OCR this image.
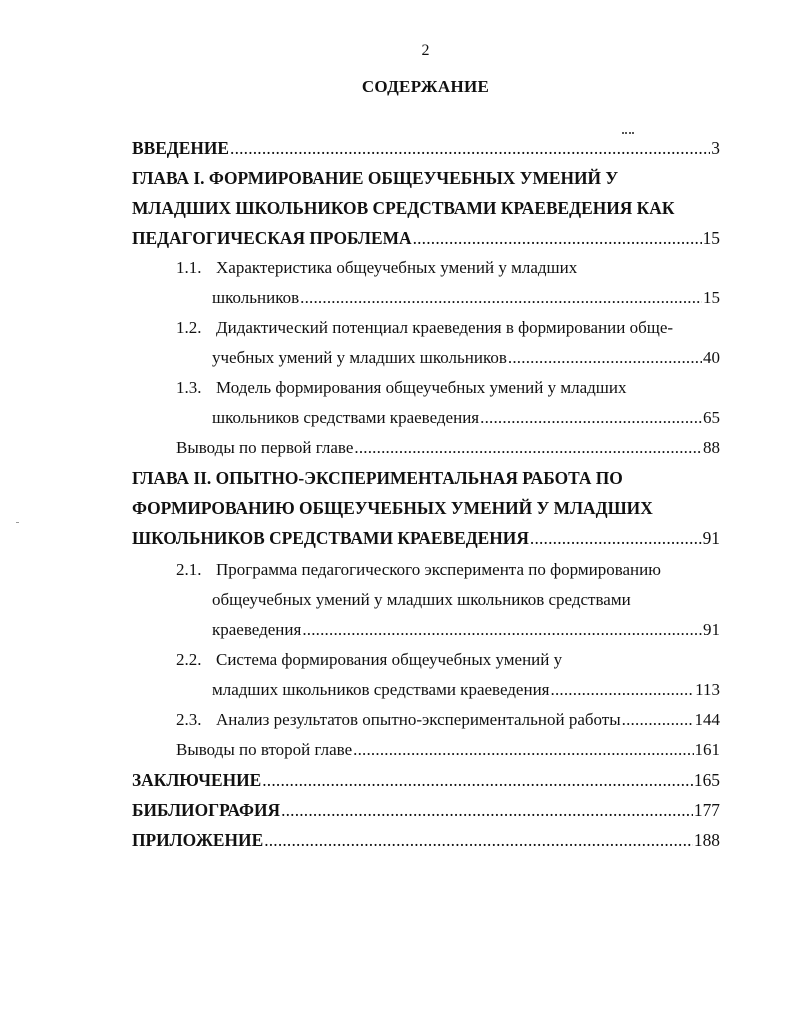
2
СОДЕРЖАНИЕ
ВВЕДЕНИЕ .....	3
ГЛАВА I. ФОРМИРОВАНИЕ ОБЩЕУЧЕБНЫХ УМЕНИЙ У
МЛАДШИХ ШКОЛЬНИКОВ СРЕДСТВАМИ КРАЕВЕДЕНИЯ КАК
ПЕДАГОГИЧЕСКАЯ ПРОБЛЕМА .....	15
1.1. Характеристика общеучебных умений у младших
школьников .....	15
1.2. Дидактический потенциал краеведения в формировании обще-
учебных умений у младших школьников .....	40
1.3. Модель формирования общеучебных умений у младших
школьников средствами краеведения .....	65
Выводы по первой главе .....	88
ГЛАВА II. ОПЫТНО-ЭКСПЕРИМЕНТАЛЬНАЯ РАБОТА ПО
ФОРМИРОВАНИЮ ОБЩЕУЧЕБНЫХ УМЕНИЙ У МЛАДШИХ
ШКОЛЬНИКОВ СРЕДСТВАМИ КРАЕВЕДЕНИЯ .....	91
2.1. Программа педагогического эксперимента по формированию
общеучебных умений у младших школьников средствами
краеведения .....	91
2.2. Система формирования общеучебных умений у
младших школьников средствами краеведения .....	113
2.3. Анализ результатов опытно-экспериментальной работы .....	144
Выводы по второй главе .....	161
ЗАКЛЮЧЕНИЕ .....	165
БИБЛИОГРАФИЯ .....	177
ПРИЛОЖЕНИЕ .....	188
